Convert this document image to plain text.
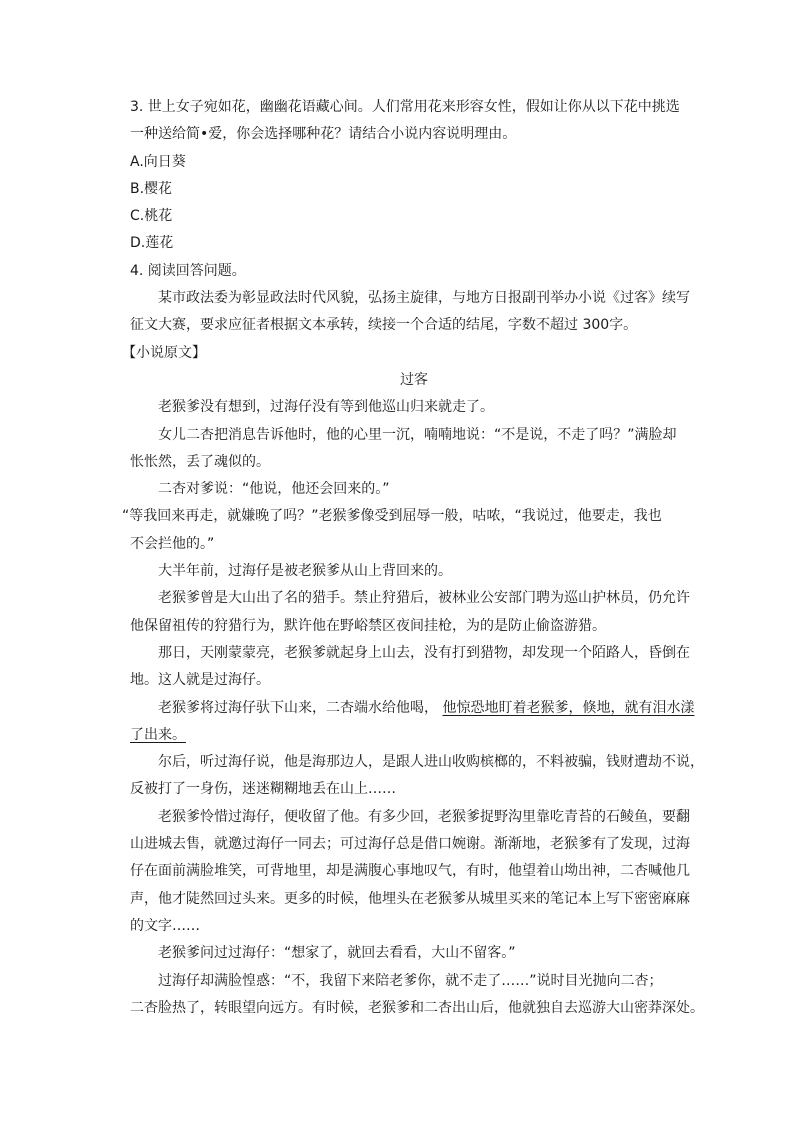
3. 世上女子宛如花，幽幽花语藏心间。人们常用花来形容女性，假如让你从以下花中挑选
一种送给简•爱，你会选择哪种花？请结合小说内容说明理由。
A.向日葵
B.樱花
C.桃花
D.莲花
4. 阅读回答问题。
某市政法委为彰显政法时代风貌，弘扬主旋律，与地方日报副刊举办小说《过客》续写
征文大赛，要求应征者根据文本承转，续接一个合适的结尾，字数不超过 300字。
【小说原文】
过客
老猴爹没有想到，过海仔没有等到他巡山归来就走了。
女儿二杏把消息告诉他时，他的心里一沉，喃喃地说：“不是说，不走了吗？”满脸却
怅怅然，丢了魂似的。
二杏对爹说：“他说，他还会回来的。”
“等我回来再走，就嫌晚了吗？”老猴爹像受到屈辱一般，咕哝，“我说过，他要走，我也
不会拦他的。”
大半年前，过海仔是被老猴爹从山上背回来的。
老猴爹曾是大山出了名的猎手。禁止狩猎后，被林业公安部门聘为巡山护林员，仍允许
他保留祖传的狩猎行为，默许他在野峪禁区夜间挂枪，为的是防止偷盗游猎。
那日，天刚蒙蒙亮，老猴爹就起身上山去，没有打到猎物，却发现一个陌路人，昏倒在
地。这人就是过海仔。
老猴爹将过海仔驮下山来，二杏端水给他喝， 他惊恐地盯着老猴爹，倏地，就有泪水漾
了出来。
尔后，听过海仔说，他是海那边人，是跟人进山收购槟榔的，不料被骗，钱财遭劫不说，
反被打了一身伤，迷迷糊糊地丢在山上……
老猴爹怜惜过海仔，便收留了他。有多少回，老猴爹捉野沟里靠吃青苔的石鲮鱼，要翻
山进城去售，就邀过海仔一同去；可过海仔总是借口婉谢。渐渐地，老猴爹有了发现，过海
仔在面前满脸堆笑，可背地里，却是满腹心事地叹气，有时，他望着山坳出神，二杏喊他几
声，他才陡然回过头来。更多的时候，他埋头在老猴爹从城里买来的笔记本上写下密密麻麻
的文字……
老猴爹问过过海仔：“想家了，就回去看看，大山不留客。”
过海仔却满脸惶惑：“不，我留下来陪老爹你，就不走了……”说时目光抛向二杏；
二杏脸热了，转眼望向远方。有时候，老猴爹和二杏出山后，他就独自去巡游大山密莽深处。
